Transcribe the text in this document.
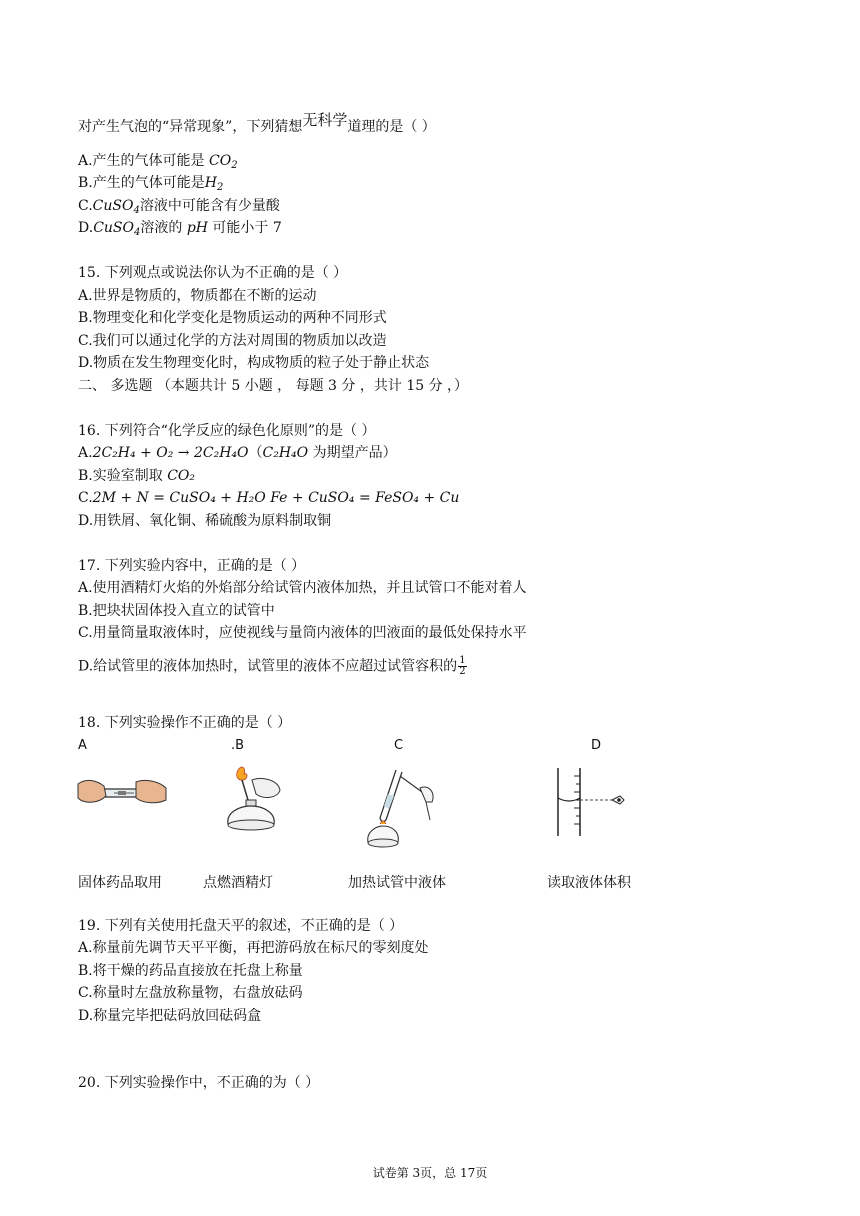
对产生气泡的“异常现象”，下列猜想无科学道理的是（ ）
A.产生的气体可能是 $CO_2$
B.产生的气体可能是$H_2$
C.CuSO$_4$溶液中可能含有少量酸
D.CuSO$_4$溶液的 pH 可能小于 7
15. 下列观点或说法你认为不正确的是（ ）
A.世界是物质的，物质都在不断的运动
B.物理变化和化学变化是物质运动的两种不同形式
C.我们可以通过化学的方法对周围的物质加以改造
D.物质在发生物理变化时，构成物质的粒子处于静止状态
二、 多选题 （本题共计 5 小题 ， 每题 3 分 ，共计 15 分 ，）
16. 下列符合“化学反应的绿色化原则”的是（ ）
A.2C₂H₄ + O₂ → 2C₂H₄O（C₂H₄O 为期望产品）
B.实验室制取 CO₂
C.2M + N = CuSO₄ + H₂O Fe + CuSO₄ = FeSO₄ + Cu
D.用铁屑、氧化铜、稀硫酸为原料制取铜
17. 下列实验内容中，正确的是（ ）
A.使用酒精灯火焰的外焰部分给试管内液体加热，并且试管口不能对着人
B.把块状固体投入直立的试管中
C.用量筒量取液体时，应使视线与量筒内液体的凹液面的最低处保持水平
D.给试管里的液体加热时，试管里的液体不应超过试管容积的 $\frac{1}{2}$
18. 下列实验操作不正确的是（ ）
A	.B	C	D
固体药品取用	点燃酒精灯	加热试管中液体	读取液体体积
19. 下列有关使用托盘天平的叙述，不正确的是（ ）
A.称量前先调节天平平衡，再把游码放在标尺的零刻度处
B.将干燥的药品直接放在托盘上称量
C.称量时左盘放称量物，右盘放砝码
D.称量完毕把砝码放回砝码盒
20. 下列实验操作中，不正确的为（ ）
试卷第 3页，总 17页
